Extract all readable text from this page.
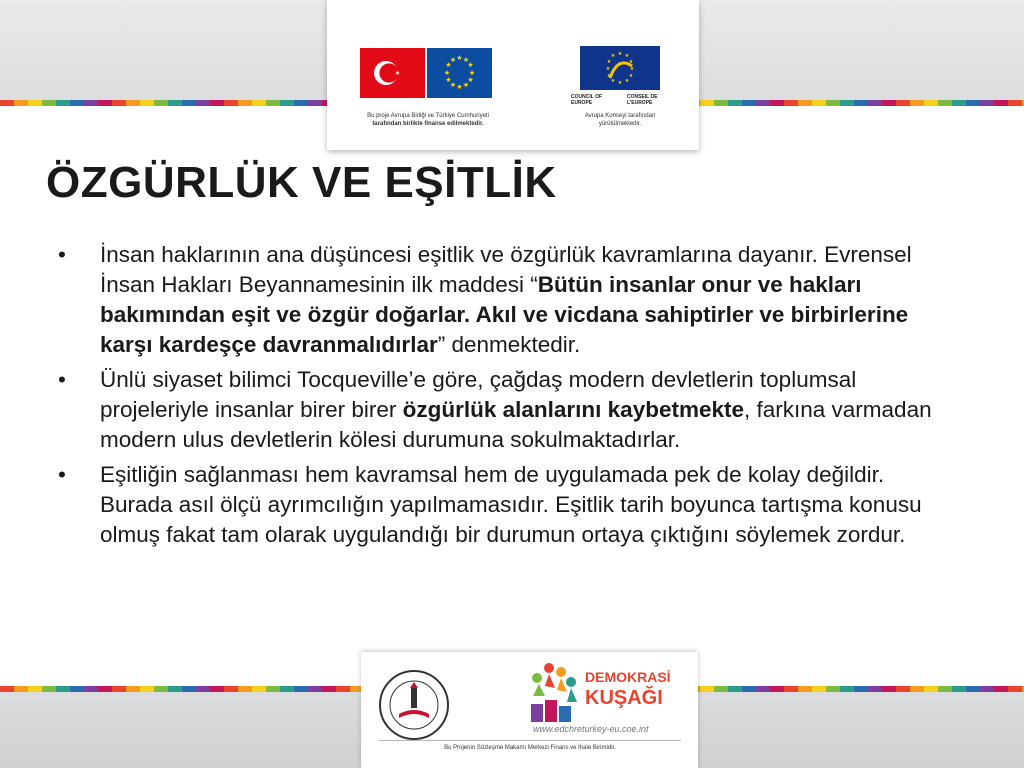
★ ★
★
★
★
★
★
★
★
★
★
★
Bu proje Avrupa Birliği ve Türkiye Cumhuriyeti
tarafından birlikte finanse edilmektedir.
★ ★
★
★
★
★
★
★
★
★
★
★
COUNCIL OF EUROPE
CONSEIL DE L'EUROPE
Avrupa Konseyi tarafından
yürütülmektedir.
ÖZGÜRLÜK VE EŞİTLİK
• İnsan haklarının ana düşüncesi eşitlik ve özgürlük kavramlarına dayanır. Evrensel İnsan Hakları Beyannamesinin ilk maddesi “Bütün insanlar onur ve hakları bakımından eşit ve özgür doğarlar. Akıl ve vicdana sahiptirler ve birbirlerine karşı kardeşçe davranmalıdırlar” denmektedir.
• Ünlü siyaset bilimci Tocqueville’e göre, çağdaş modern devletlerin toplumsal projeleriyle insanlar birer birer özgürlük alanlarını kaybetmekte, farkına varmadan modern ulus devletlerin kölesi durumuna sokulmaktadırlar.
• Eşitliğin sağlanması hem kavramsal hem de uygulamada pek de kolay değildir. Burada asıl ölçü ayrımcılığın yapılmamasıdır. Eşitlik tarih boyunca tartışma konusu olmuş fakat tam olarak uygulandığı bir durumun ortaya çıktığını söylemek zordur.
DEMOKRASİ
KUŞAĞI
www.edchreturkey-eu.coe.int
Bu Projenin Sözleşme Makamı Merkezi Finans ve İhale Birimidir.
